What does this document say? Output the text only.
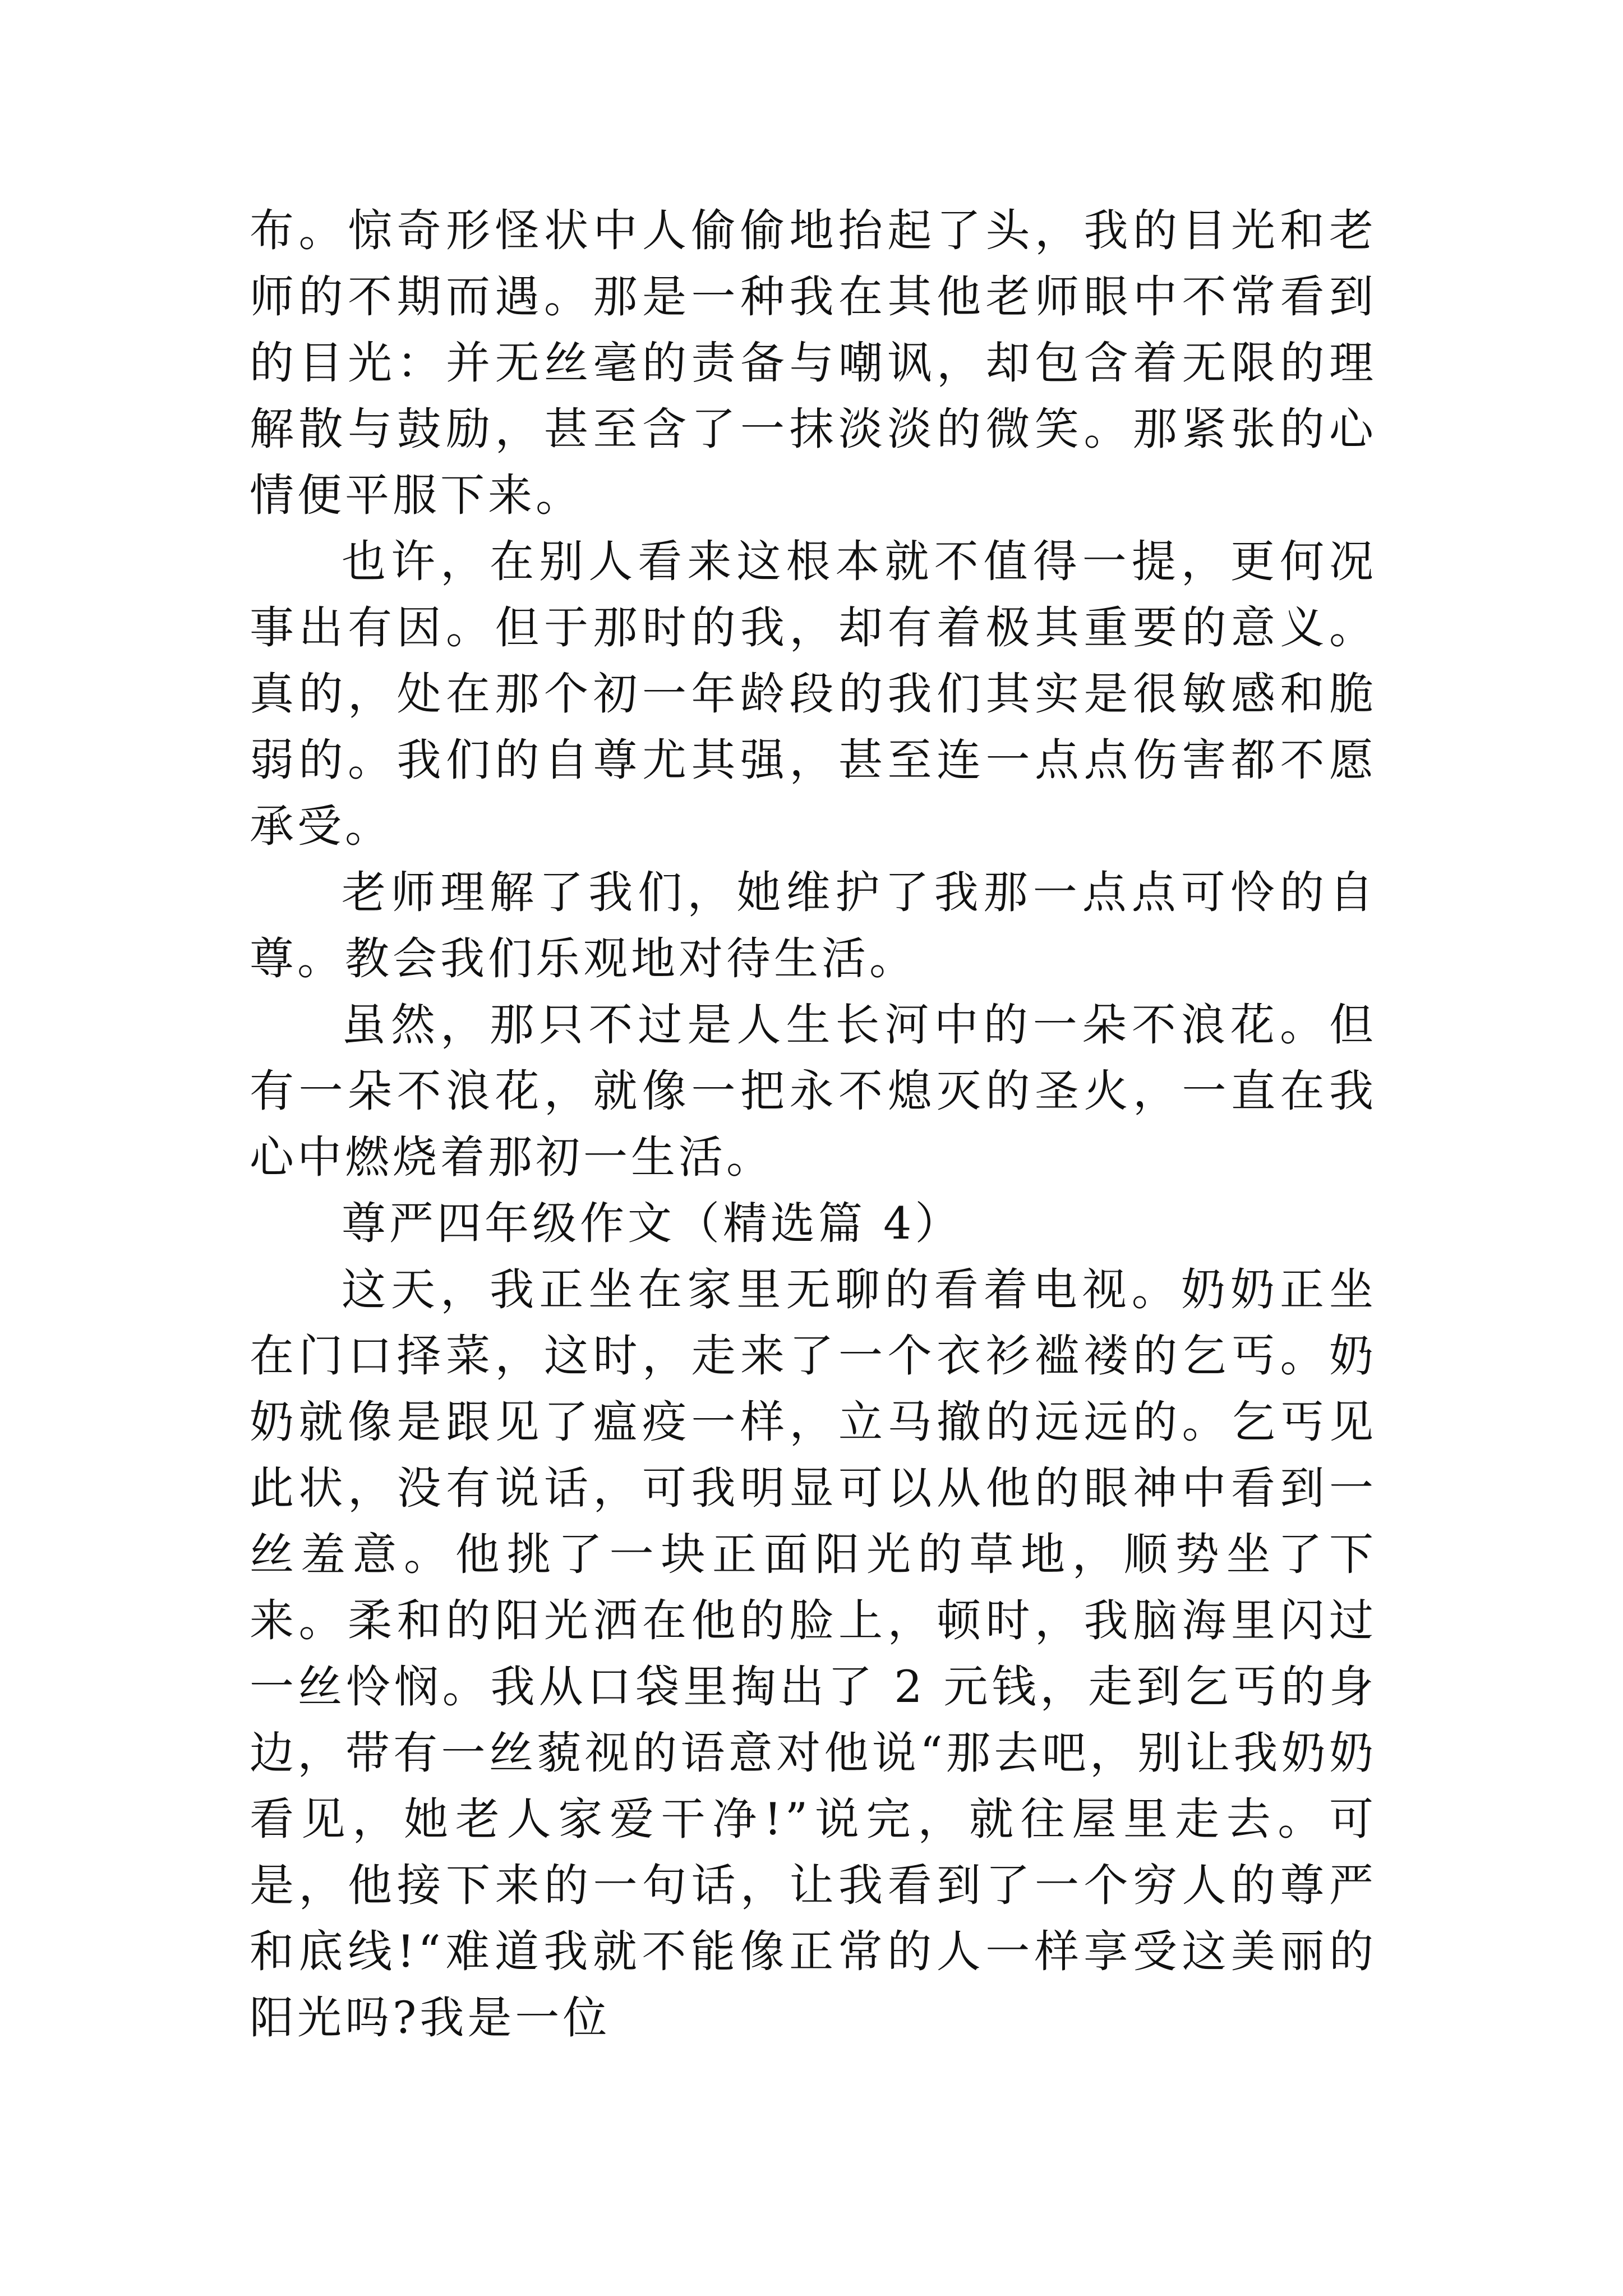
布。惊奇形怪状中人偷偷地抬起了头，我的目光和老师的不期而遇。那是一种我在其他老师眼中不常看到的目光：并无丝毫的责备与嘲讽，却包含着无限的理解散与鼓励，甚至含了一抹淡淡的微笑。那紧张的心情便平服下来。

也许，在别人看来这根本就不值得一提，更何况事出有因。但于那时的我，却有着极其重要的意义。真的，处在那个初一年龄段的我们其实是很敏感和脆弱的。我们的自尊尤其强，甚至连一点点伤害都不愿承受。

老师理解了我们，她维护了我那一点点可怜的自尊。教会我们乐观地对待生活。

虽然，那只不过是人生长河中的一朵不浪花。但有一朵不浪花，就像一把永不熄灭的圣火，一直在我心中燃烧着那初一生活。

尊严四年级作文（精选篇 4）

这天，我正坐在家里无聊的看着电视。奶奶正坐在门口择菜，这时，走来了一个衣衫褴褛的乞丐。奶奶就像是跟见了瘟疫一样，立马撤的远远的。乞丐见此状，没有说话，可我明显可以从他的眼神中看到一丝羞意。他挑了一块正面阳光的草地，顺势坐了下来。柔和的阳光洒在他的脸上，顿时，我脑海里闪过一丝怜悯。我从口袋里掏出了 2 元钱，走到乞丐的身边，带有一丝藐视的语意对他说“那去吧，别让我奶奶看见，她老人家爱干净!”说完，就往屋里走去。可是，他接下来的一句话，让我看到了一个穷人的尊严和底线!“难道我就不能像正常的人一样享受这美丽的阳光吗?我是一位
